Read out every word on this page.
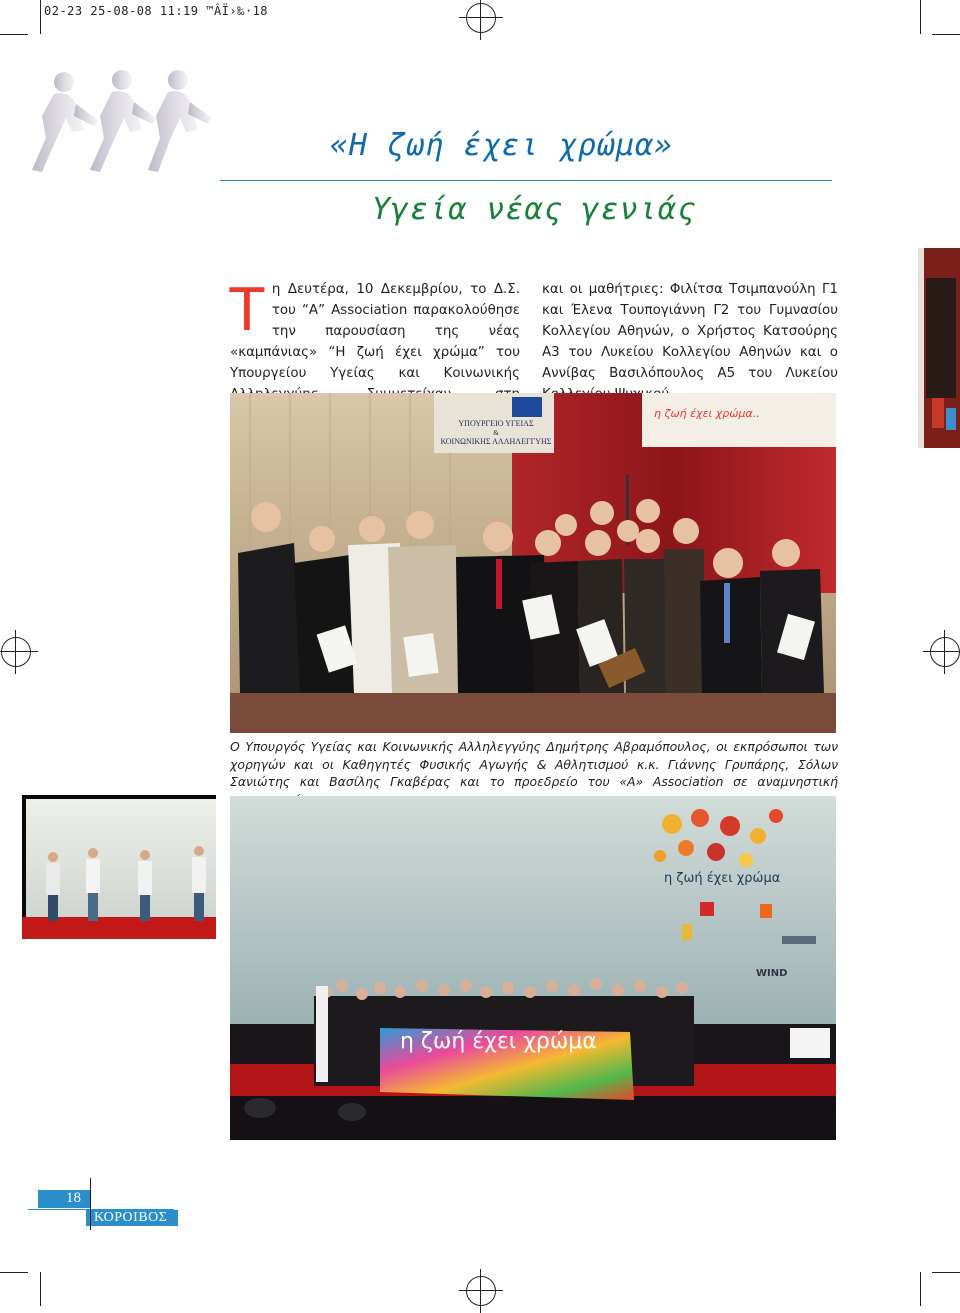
02-23 25-08-08 11:19 ™ÂÏ›‰·18
«Η ζωή έχει χρώμα»
Υγεία νέας γενιάς
Τ η Δευτέρα, 10 Δεκεμβρίου, το Δ.Σ. του “Α” Association παρακολούθησε την παρουσίαση της νέας «καμπάνιας» “Η ζωή έχει χρώμα” του Υπουργείου Υγείας και Κοινωνικής
και οι μαθήτριες: Φιλίτσα Τσιμπανούλη Γ1 και Έλενα Τουπογιάννη Γ2 του Γυμνασίου Κολλεγίου Αθηνών, ο Χρήστος Κατσούρης Α3 του Λυκείου Κολλεγίου Αθηνών και ο Αννίβας Βασιλόπουλος Α5 του Λυκείου
ΥΠΟΥΡΓΕΙΟ ΥΓΕΙΑΣ
&
ΚΟΙΝΩΝΙΚΗΣ ΑΛΛΗΛΕΓΓΥΗΣ
η ζωή έχει χρώμα..
Ο Υπουργός Υγείας και Κοινωνικής Αλληλεγγύης Δημήτρης Αβραμόπουλος, οι εκπρόσωποι των χορηγών και οι Καθηγητές Φυσικής Αγωγής & Αθλητισμού κ.κ. Γιάννης Γρυπάρης, Σόλων Σανιώτης και Βασίλης Γκαβέρας και το προεδρείο του «Α» Association σε αναμνηστική
η ζωή έχει χρώμα
WIND
η ζωή έχει χρώμα
18
ΚΟΡΟΙΒΟΣ
